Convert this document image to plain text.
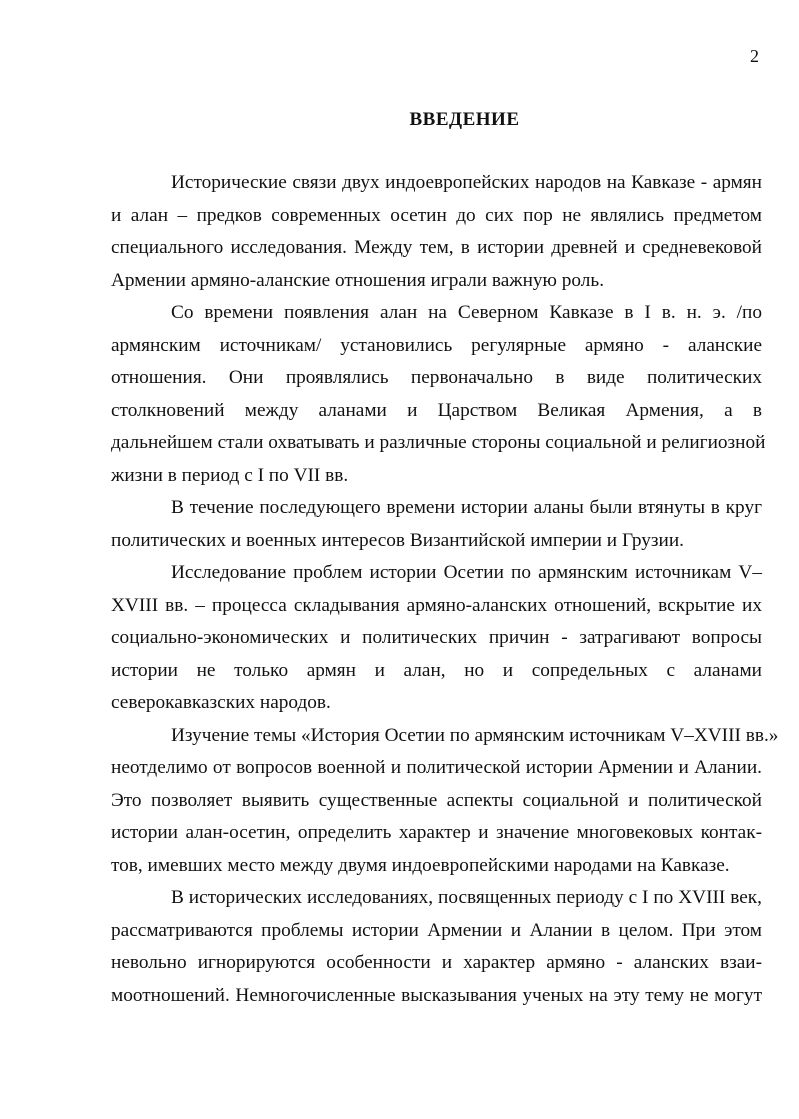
2
ВВЕДЕНИЕ
Исторические связи двух индоевропейских народов на Кавказе - армян
и алан – предков современных осетин до сих пор не являлись предметом
специального исследования. Между тем, в истории древней и средневековой
Армении армяно-аланские отношения играли важную роль.
Со времени появления алан на Северном Кавказе в I в. н. э. /по
армянским источникам/ установились регулярные армяно - аланские
отношения. Они проявлялись первоначально в виде политических
столкновений между аланами и Царством Великая Армения, а в
дальнейшем стали охватывать и различные стороны социальной и религиозной
жизни в период с I по VII вв.
В течение последующего времени истории аланы были втянуты в круг
политических и военных интересов Византийской империи и Грузии.
Исследование проблем истории Осетии по армянским источникам V–
XVIII вв. – процесса складывания армяно-аланских отношений, вскрытие их
социально-экономических и политических причин - затрагивают вопросы
истории не только армян и алан, но и сопредельных с аланами
северокавказских народов.
Изучение темы «История Осетии по армянским источникам V–XVIII вв.»
неотделимо от вопросов военной и политической истории Армении и Алании.
Это позволяет выявить существенные аспекты социальной и политической
истории алан-осетин, определить характер и значение многовековых контак-
тов, имевших место между двумя индоевропейскими народами на Кавказе.
В исторических исследованиях, посвященных периоду с I по XVIII век,
рассматриваются проблемы истории Армении и Алании в целом. При этом
невольно игнорируются особенности и характер армяно - аланских взаи-
моотношений. Немногочисленные высказывания ученых на эту тему не могут
